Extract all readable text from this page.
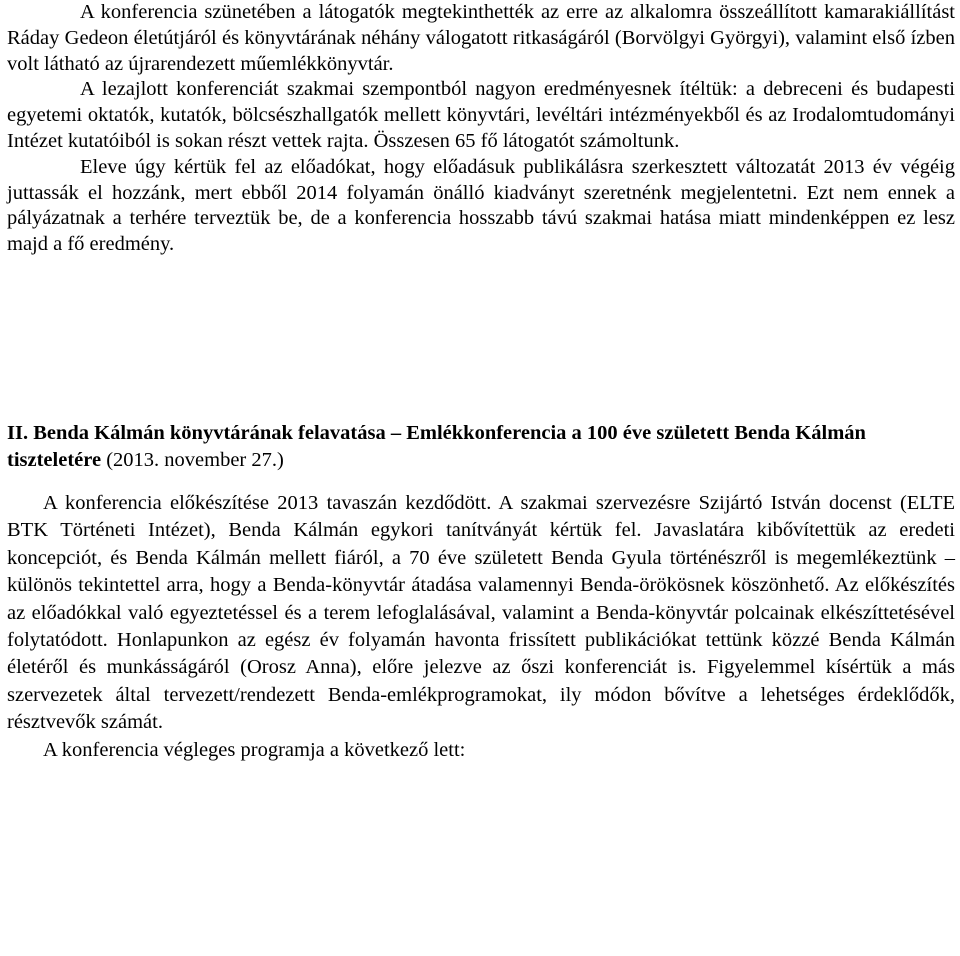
A konferencia szünetében a látogatók megtekinthették az erre az alkalomra összeállított kamarakiállítást Ráday Gedeon életútjáról és könyvtárának néhány válogatott ritkaságáról (Borvölgyi Györgyi), valamint első ízben volt látható az újrarendezett műemlékkönyvtár.

A lezajlott konferenciát szakmai szempontból nagyon eredményesnek ítéltük: a debreceni és budapesti egyetemi oktatók, kutatók, bölcsészhallgatók mellett könyvtári, levéltári intézményekből és az Irodalomtudományi Intézet kutatóiból is sokan részt vettek rajta. Összesen 65 fő látogatót számoltunk.

Eleve úgy kértük fel az előadókat, hogy előadásuk publikálásra szerkesztett változatát 2013 év végéig juttassák el hozzánk, mert ebből 2014 folyamán önálló kiadványt szeretnénk megjelentetni. Ezt nem ennek a pályázatnak a terhére terveztük be, de a konferencia hosszabb távú szakmai hatása miatt mindenképpen ez lesz majd a fő eredmény.

II. Benda Kálmán könyvtárának felavatása – Emlékkonferencia a 100 éve született Benda Kálmán tiszteletére (2013. november 27.)

A konferencia előkészítése 2013 tavaszán kezdődött. A szakmai szervezésre Szijártó István docenst (ELTE BTK Történeti Intézet), Benda Kálmán egykori tanítványát kértük fel. Javaslatára kibővítettük az eredeti koncepciót, és Benda Kálmán mellett fiáról, a 70 éve született Benda Gyula történészről is megemlékeztünk – különös tekintettel arra, hogy a Benda-könyvtár átadása valamennyi Benda-örökösnek köszönhető. Az előkészítés az előadókkal való egyeztetéssel és a terem lefoglalásával, valamint a Benda-könyvtár polcainak elkészíttetésével folytatódott. Honlapunkon az egész év folyamán havonta frissített publikációkat tettünk közzé Benda Kálmán életéről és munkásságáról (Orosz Anna), előre jelezve az őszi konferenciát is. Figyelemmel kísértük a más szervezetek által tervezett/rendezett Benda-emlékprogramokat, ily módon bővítve a lehetséges érdeklődők, résztvevők számát.

A konferencia végleges programja a következő lett:
